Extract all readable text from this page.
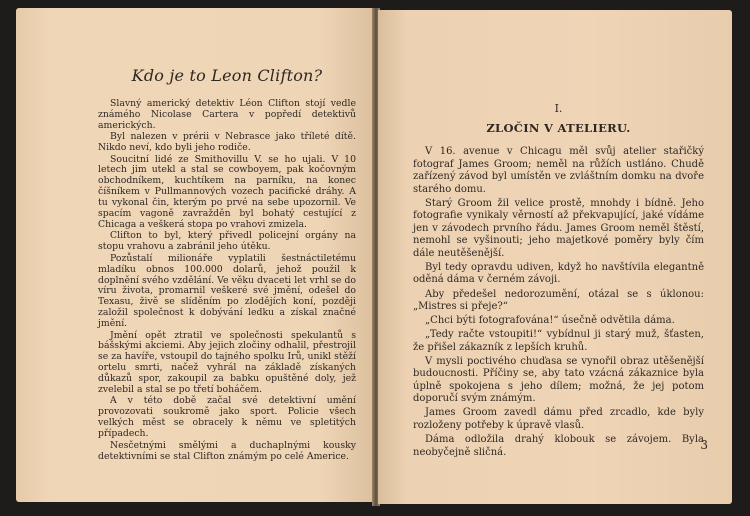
Kdo je to Leon Clifton?

Slavný americký detektiv Léon Clifton stojí vedle známého Nicolase Cartera v popředí detektivů amerických.

Byl nalezen v prérii v Nebrasce jako tříleté dítě. Nikdo neví, kdo byli jeho rodiče.

Soucitní lidé ze Smithovillu V. se ho ujali. V 10 letech jim utekl a stal se cowboyem, pak kočovným obchodníkem, kuchtíkem na parníku, na konec číšníkem v Pullmannových vozech pacifické dráhy. A tu vykonal čin, kterým po prvé na sebe upozornil. Ve spacím vagoně zavražděn byl bohatý cestující z Chicaga a veškerá stopa po vrahovi zmizela.

Clifton to byl, který přivedl policejní orgány na stopu vrahovu a zabránil jeho útěku.

Pozůstalí milionáře vyplatili šestnáctiletému mladíku obnos 100.000 dolarů, jehož použil k doplnění svého vzdělání. Ve věku dvaceti let vrhl se do víru života, promarnil veškeré své jmění, odešel do Texasu, živě se slíděním po zlodějích koní, později založil společnost k dobývání ledku a získal značné jmění.

Jmění opět ztratil ve společnosti spekulantů s bášskými akciemi. Aby jejich zločiny odhalil, přestrojil se za havíře, vstoupil do tajného spolku Irů, unikl stěží ortelu smrti, načež vyhrál na základě získaných důkazů spor, zakoupil za babku opuštěné doly, jež zvelebil a stal se po třetí boháčem.

A v této době začal své detektivní umění provozovati soukromě jako sport. Policie všech velkých měst se obracely k němu ve spletitých případech.

Nesčetnými smělými a duchaplnými kousky detektivními se stal Clifton známým po celé Americe.

I.
ZLOČIN V ATELIERU.

V 16. avenue v Chicagu měl svůj atelier stařičký fotograf James Groom; neměl na růžích ustláno. Chudě zařízený závod byl umístěn ve zvláštním domku na dvoře starého domu.

Starý Groom žil velice prostě, mnohdy i bídně. Jeho fotografie vynikaly věrností až překvapující, jaké vídáme jen v závodech prvního řádu. James Groom neměl štěstí, nemohl se vyšinouti; jeho majetkové poměry byly čím dále neutěšenější.

Byl tedy opravdu udiven, když ho navštívila elegantně oděná dáma v černém závoji.

Aby předešel nedorozumění, otázal se s úklonou: „Mistres si přeje?“

„Chci býti fotografována!“ úsečně odvětila dáma.

„Tedy račte vstoupiti!“ vybídnul ji starý muž, šťasten, že přišel zákazník z lepších kruhů.

V mysli poctivého chuďasa se vynořil obraz utěšenější budoucnosti. Příčiny se, aby tato vzácná zákaznice byla úplně spokojena s jeho dílem; možná, že jej potom doporučí svým známým.

James Groom zavedl dámu před zrcadlo, kde byly rozloženy potřeby k úpravě vlasů.

Dáma odložila drahý klobouk se závojem. Byla neobyčejně sličná.

3
